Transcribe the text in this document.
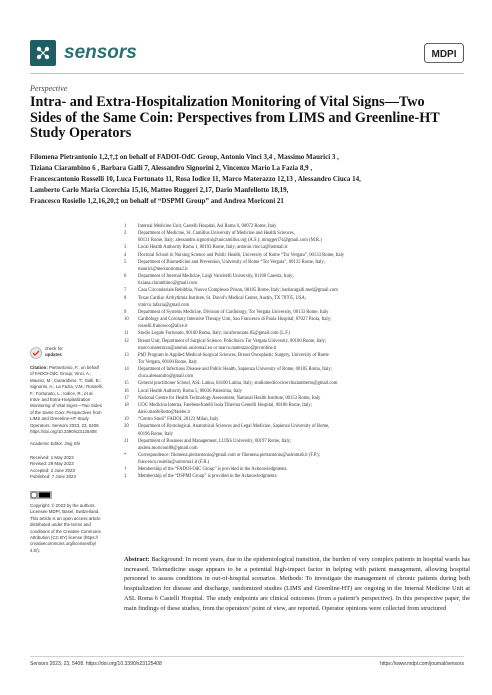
sensors	MDPI
Perspective
Intra- and Extra-Hospitalization Monitoring of Vital Signs—Two Sides of the Same Coin: Perspectives from LIMS and Greenline-HT Study Operators
Filomena Pietrantonio 1,2,†,‡ on behalf of FADOI-OdC Group, Antonio Vinci 3,4 , Massimo Maurici 3 ,
Tiziana Ciarambino 6 , Barbara Galli 7, Alessandro Signorini 2, Vincenzo Mario La Fazia 8,9 ,
Francescantonio Rosselli 10, Luca Fortunato 11, Rosa Iodice 11, Marco Materazzo 12,13 , Alessandro Ciuca 14,
Lamberto Carlo Maria Cicerchia 15,16, Matteo Ruggeri 2,17, Dario Manfellotto 18,19,
Francesco Rosiello 1,2,16,20,‡ on behalf of “DSPMI Group” and Andrea Moriconi 21
1	Internal Medicine Unit, Castelli Hospital, Asl Roma 6, 00072 Rome, Italy
2	Department of Medicine, St. Camillus University of Medicine and Health Sciences,
00131 Rome, Italy; alessandro.signorini@unicamillus.org (A.S.); mruggeri74@gmail.com (M.R.)
3	Local Health Authority Roma 1, 00193 Rome, Italy; antonio.vinci.a@hotmail.it
4	Doctoral School in Nursing Science and Public Health, University of Rome “Tor Vergata”, 00133 Rome, Italy
5	Department of Biomedicine and Prevention, University of Rome “Tor Vergata”, 00133 Rome, Italy;
maurici@med.uniroma2.it
6	Department of Internal Medicine, Luigi Vanvitelli University, 81100 Caserta, Italy;
tiziana.ciarambino@gmail.com
7	Casa Circondariale Rebibbia, Nuovo Complesso Prison, 00185 Rome, Italy; barbaragalli.med@gmail.com
8	Texas Cardiac Arrhythmia Institute, St. David’s Medical Center, Austin, TX 78705, USA;
vmirco.lafazia@gmail.com
9	Department of Systems Medicine, Division of Cardiology, Tor Vergata University, 00133 Rome, Italy
10	Cardiology and Coronary Intensive Therapy Unit, San Francesco di Paola Hospital, 87027 Paola, Italy;
rosselli.francesco@alice.it
11	Studio Legale Fortunato, 00100 Roma, Italy; lucafortunato.85@gmail.com (L.F.)
12	Breast Unit, Department of Surgical Science, Policlinico Tor Vergata University, 00100 Rome, Italy;
marco.materazzo@alumni.uniroma2.eu or marco.materazzo@ptvonline.it
13	PhD Program in Applied Medical-Surgical Sciences, Breast Oncoplastic Surgery, University of Rome
Tor Vergata, 00100 Rome, Italy
14	Department of Infectious Disease and Public Health, Sapienza University of Rome, 00185 Roma, Italy;
cluca.alessandro@gmail.com
15	General practitioner School, ASL Latina, 04100 Latina, Italy; studiomedicocicerchialamberto@gmail.com
16	Local Health Authority Roma 5, 00036 Palestrina, Italy
17	National Centre for Health Technology Assessment, National Health Institute, 00153 Rome, Italy
18	UOC Medicina Interna, Fatebenefratelli Isola Tiberina Gemelli Hospital, 00186 Rome, Italy;
dario.manfellotto@fatebe.it
19	“Centro Studi” FADOI, 20123 Milan, Italy
20	Department of Hystological, Anatomical Sciences and Legal Medicine, Sapienza University of Rome,
00196 Rome, Italy
21	Department of Business and Management, LUISS University, 00197 Rome, Italy;
andrea.moriconi88@gmail.com
*	Correspondence: filomena.pietrantonio@gmail.com or filomena.pietrantonio@aslroma6.it (F.P.);
francesco.rosiello@uniroma1.it (F.R.)
†	Membership of the “FADOI-OdC Group” is provided in the Acknowledgments.
‡	Membership of the “DSPMI Group” is provided in the Acknowledgments.
check for
updates
Citation: Pietrantonio, F.; on behalf
of FADOI-OdC Group; Vinci, A.;
Maurici, M.; Ciarambino, T.; Galli, B.;
Signorini, A.; La Fazia, V.M.; Rosselli,
F.; Fortunato, L.; Iodice, R.; et al.
Intra- and Extra-Hospitalization
Monitoring of Vital Signs—Two Sides
of the Same Coin: Perspectives from
LIMS and Greenline-HT Study
Operators. Sensors 2023, 23, 5408.
https://doi.org/10.3390/s23125408
Academic Editor: Jing Shi
Received: 1 May 2023
Revised: 29 May 2023
Accepted: 2 June 2023
Published: 7 June 2023
Copyright: © 2023 by the authors.
Licensee MDPI, Basel, Switzerland.
This article is an open access article
distributed under the terms and
conditions of the Creative Commons
Attribution (CC BY) license (https://
creativecommons.org/licenses/by/
4.0/).
Abstract: Background: In recent years, due to the epidemiological transition, the burden of very complex patients in hospital wards has increased. Telemedicine usage appears to be a potential high-impact factor in helping with patient management, allowing hospital personnel to assess conditions in out-of-hospital scenarios. Methods: To investigate the management of chronic patients during both hospitalization for disease and discharge, randomized studies (LIMS and Greenline-HT) are ongoing in the Internal Medicine Unit at ASL Roma 6 Castelli Hospital. The study endpoints are clinical outcomes (from a patient’s perspective). In this perspective paper, the main findings of these studies, from the operators’ point of view, are reported. Operator opinions were collected from structured
Sensors 2023, 23, 5408. https://doi.org/10.3390/s23125408	https://www.mdpi.com/journal/sensors
